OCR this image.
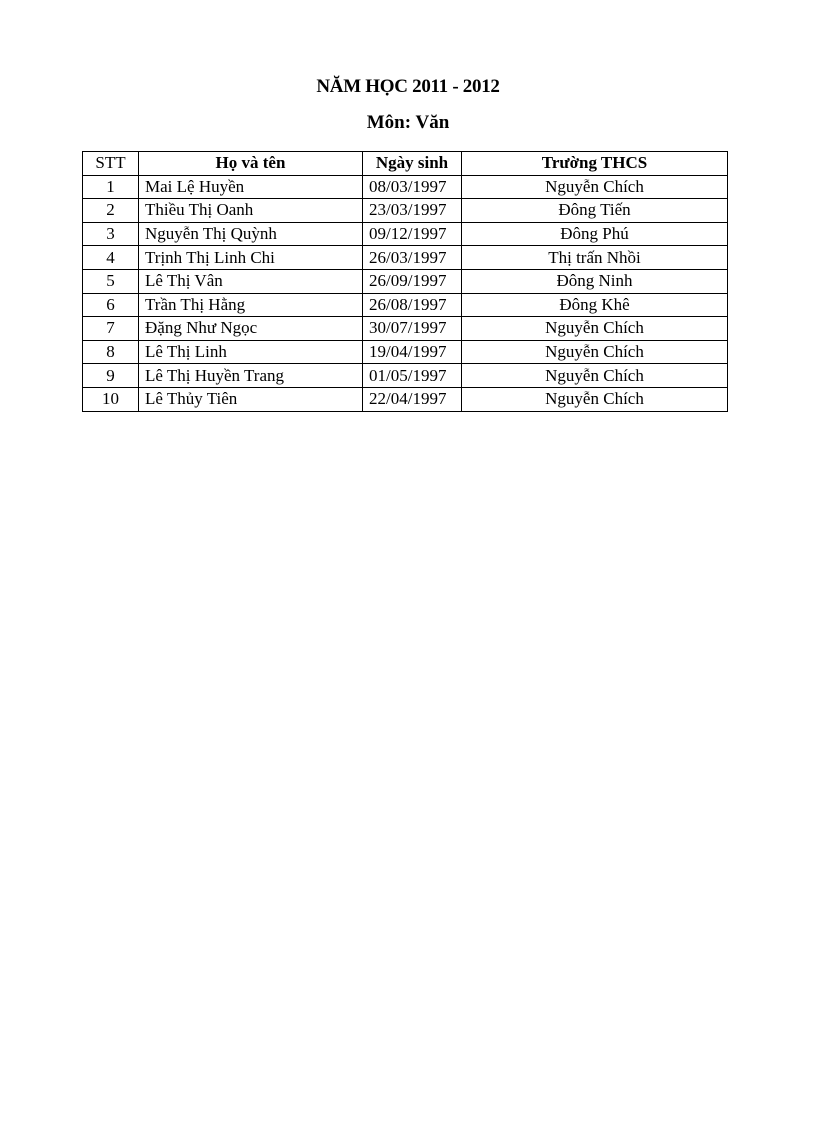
NĂM HỌC 2011 - 2012
Môn: Văn
STT	Họ và tên	Ngày sinh	Trường THCS
1	Mai Lệ Huyền	08/03/1997	Nguyễn Chích
2	Thiều Thị Oanh	23/03/1997	Đông Tiến
3	Nguyễn Thị Quỳnh	09/12/1997	Đông Phú
4	Trịnh Thị Linh Chi	26/03/1997	Thị trấn Nhồi
5	Lê Thị Vân	26/09/1997	Đông Ninh
6	Trần Thị Hằng	26/08/1997	Đông Khê
7	Đặng Như Ngọc	30/07/1997	Nguyễn Chích
8	Lê Thị Linh	19/04/1997	Nguyễn Chích
9	Lê Thị Huyền Trang	01/05/1997	Nguyễn Chích
10	Lê Thủy Tiên	22/04/1997	Nguyễn Chích
